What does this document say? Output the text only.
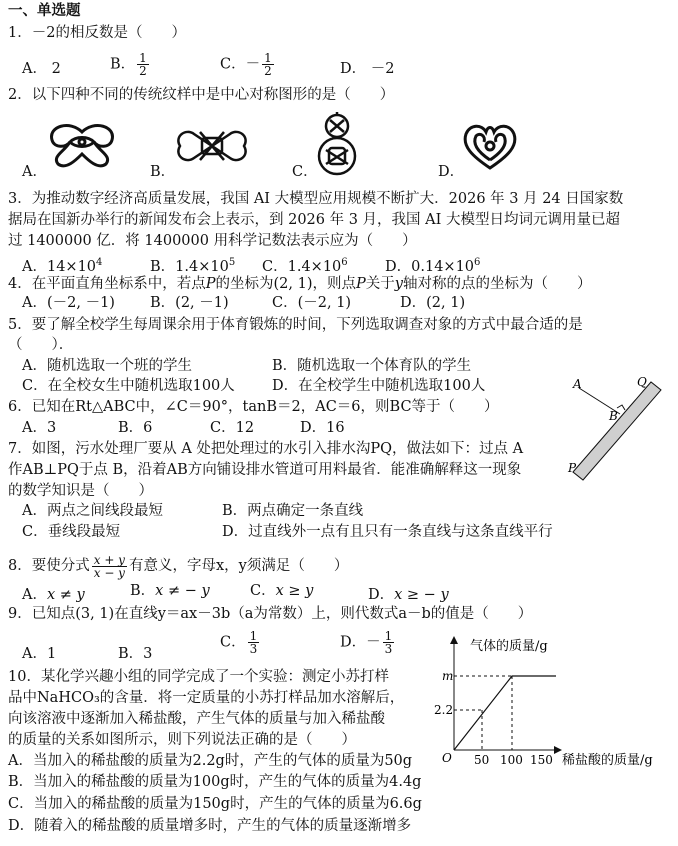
一、单选题
1．－2的相反数是（　　）
A． 2	B． $\frac{1}{2}$	C．－ $\frac{1}{2}$	D． －2
2．以下四种不同的传统纹样中是中心对称图形的是（　　）
A．	B．	C．	D．
3．为推动数字经济高质量发展，我国 AI 大模型应用规模不断扩大．2026 年 3 月 24 日国家数
据局在国新办举行的新闻发布会上表示，到 2026 年 3 月，我国 AI 大模型日均词元调用量已超
过 1400000 亿．将 1400000 用科学记数法表示应为（　　）
A．$14\times 10^4$	B．$1.4\times 10^5$ C．$1.4\times 10^6$	D．$0.14\times 10^6$
4．在平面直角坐标系中，若点P的坐标为(2, 1)，则点P关于y轴对称的点的坐标为（　　）
A．(－2, －1) B．(2, －1)	C．(－2, 1)	D．(2, 1)
5．要了解全校学生每周课余用于体育锻炼的时间，下列选取调查对象的方式中最合适的是
（　　）．
A．随机选取一个班的学生	B．随机选取一个体育队的学生
C．在全校女生中随机选取100人	D．在全校学生中随机选取100人
6．已知在Rt△ABC中，∠C＝90°，tanB＝2，AC＝6，则BC等于（　　）
A．3	B．6	C．12	D．16
A
B
P
Q
7．如图，污水处理厂要从 A 处把处理过的水引入排水沟PQ，做法如下：过点 A
作AB⊥PQ于点 B，沿着AB方向铺设排水管道可用料最省．能准确解释这一现象
的数学知识是（　　）
A．两点之间线段最短	B．两点确定一条直线
C．垂线段最短	D．过直线外一点有且只有一条直线与这条直线平行
8．要使分式 $\frac{x + y}{x - y}$ 有意义，字母x，y须满足（　　）
A．x ≠ y	B．x ≠ − y	C．x ≥ y	D．x ≥ − y
9．已知点(3, 1)在直线y＝ax－3b（a为常数）上，则代数式a－b的值是（　　）
A．1	B．3
C． $\frac{1}{3}$	D．－ $\frac{1}{3}$	气体的质量/g
m
2.2
O 50 100 150 稀盐酸的质量/g
10．某化学兴趣小组的同学完成了一个实验：测定小苏打样
品中NaHCO₃的含量．将一定质量的小苏打样品加水溶解后，
向该溶液中逐渐加入稀盐酸，产生气体的质量与加入稀盐酸
的质量的关系如图所示，则下列说法正确的是（　　）
A．当加入的稀盐酸的质量为2.2g时，产生的气体的质量为50g
B．当加入的稀盐酸的质量为100g时，产生的气体的质量为4.4g
C．当加入的稀盐酸的质量为150g时，产生的气体的质量为6.6g
D．随着入的稀盐酸的质量增多时，产生的气体的质量逐渐增多
